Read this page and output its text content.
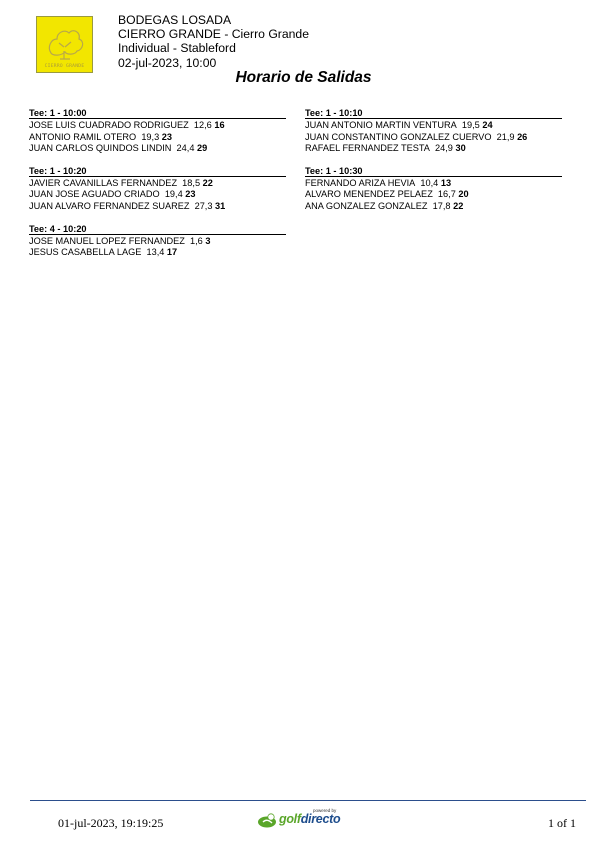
CIERRO GRANDE
BODEGAS LOSADA
CIERRO GRANDE - Cierro Grande
Individual - Stableford
02-jul-2023, 10:00
Horario de Salidas
Tee: 1 - 10:00
JOSE LUIS CUADRADO RODRIGUEZ 12,6 16
ANTONIO RAMIL OTERO 19,3 23
JUAN CARLOS QUINDOS LINDIN 24,4 29
Tee: 1 - 10:20
JAVIER CAVANILLAS FERNANDEZ 18,5 22
JUAN JOSE AGUADO CRIADO 19,4 23
JUAN ALVARO FERNANDEZ SUAREZ 27,3 31
Tee: 4 - 10:20
JOSE MANUEL LOPEZ FERNANDEZ 1,6 3
JESUS CASABELLA LAGE 13,4 17
Tee: 1 - 10:10
JUAN ANTONIO MARTIN VENTURA 19,5 24
JUAN CONSTANTINO GONZALEZ CUERVO 21,9 26
RAFAEL FERNANDEZ TESTA 24,9 30
Tee: 1 - 10:30
FERNANDO ARIZA HEVIA 10,4 13
ALVARO MENENDEZ PELAEZ 16,7 20
ANA GONZALEZ GONZALEZ 17,8 22
01-jul-2023, 19:19:25
powered by
golfdirecto	1 of 1
